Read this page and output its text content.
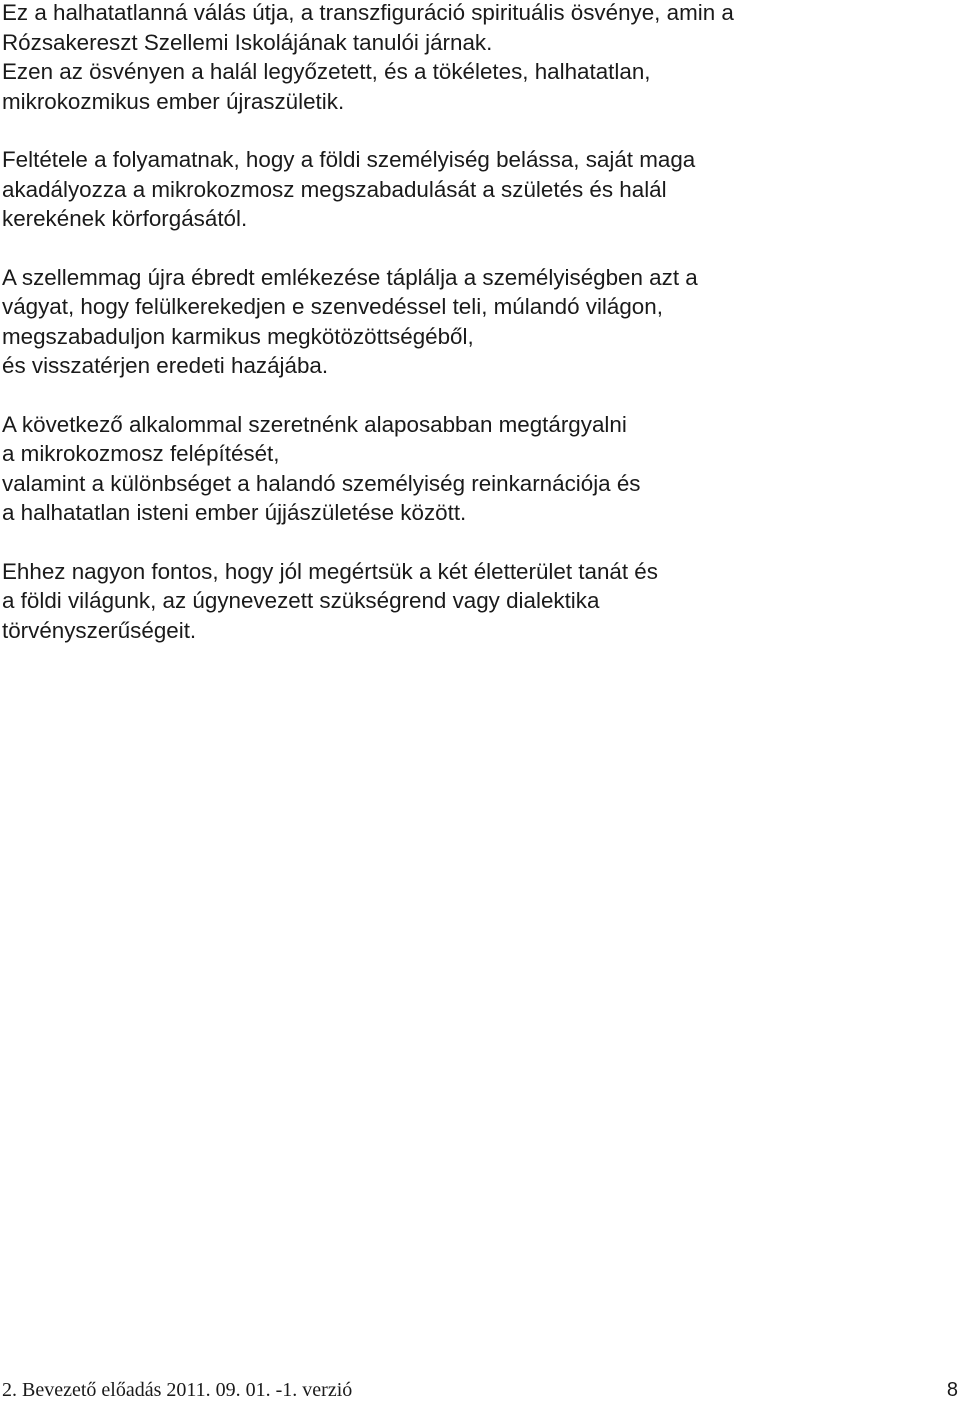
Ez a halhatatlanná válás útja, a transzfiguráció spirituális ösvénye, amin a
Rózsakereszt Szellemi Iskolájának tanulói járnak.
Ezen az ösvényen a halál legyőzetett, és a tökéletes, halhatatlan,
mikrokozmikus ember újraszületik.

Feltétele a folyamatnak, hogy a földi személyiség belássa, saját maga
akadályozza a mikrokozmosz megszabadulását a születés és halál
kerekének körforgásától.

A szellemmag újra ébredt emlékezése táplálja a személyiségben azt a
vágyat, hogy felülkerekedjen e szenvedéssel teli, múlandó világon,
megszabaduljon karmikus megkötözöttségéből,
és visszatérjen eredeti hazájába.

A következő alkalommal szeretnénk alaposabban megtárgyalni
a mikrokozmosz felépítését,
valamint a különbséget a halandó személyiség reinkarnációja és
a halhatatlan isteni ember újjászületése között.

Ehhez nagyon fontos, hogy jól megértsük a két életterület tanát és
a földi világunk, az úgynevezett szükségrend vagy dialektika
törvényszerűségeit.

2. Bevezető előadás 2011. 09. 01. -1. verzió	8
